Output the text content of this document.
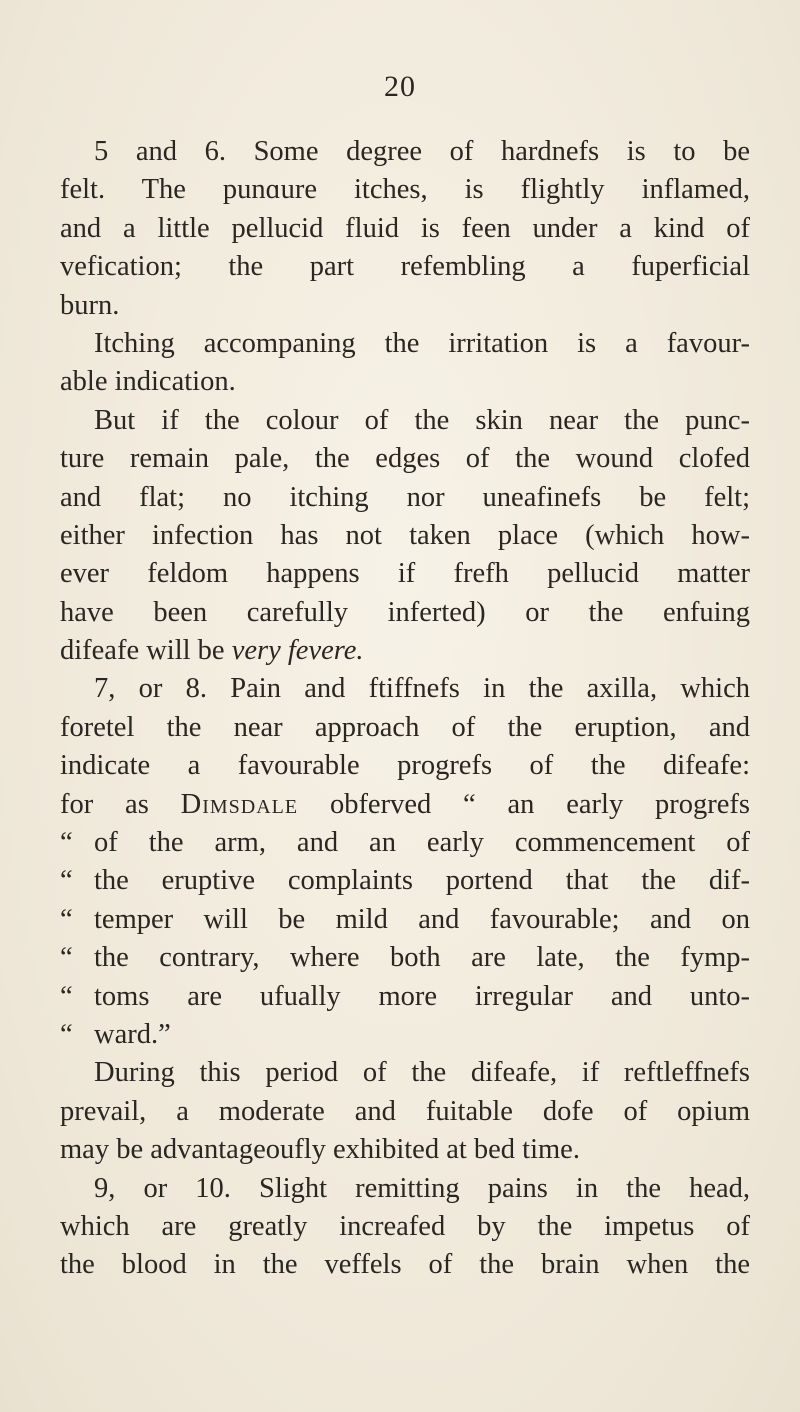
20
5 and 6. Some degree of hardnefs is to be
felt. The punɑure itches, is flightly inflamed,
and a little pellucid fluid is feen under a kind of
vefication; the part refembling a fuperficial
burn.
Itching accompaning the irritation is a favour-
able indication.
But if the colour of the skin near the punc-
ture remain pale, the edges of the wound clofed
and flat; no itching nor uneafinefs be felt;
either infection has not taken place (which how-
ever feldom happens if frefh pellucid matter
have been carefully inferted) or the enfuing
difeafe will be very fevere.
7, or 8. Pain and ftiffnefs in the axilla, which
foretel the near approach of the eruption, and
indicate a favourable progrefs of the difeafe:
for as Dimsdale obferved “ an early progrefs
“ of the arm, and an early commencement of
“ the eruptive complaints portend that the dif-
“ temper will be mild and favourable; and on
“ the contrary, where both are late, the fymp-
“ toms are ufually more irregular and unto-
“ ward.”
During this period of the difeafe, if reftleffnefs
prevail, a moderate and fuitable dofe of opium
may be advantageoufly exhibited at bed time.
9, or 10. Slight remitting pains in the head,
which are greatly increafed by the impetus of
the blood in the veffels of the brain when the
